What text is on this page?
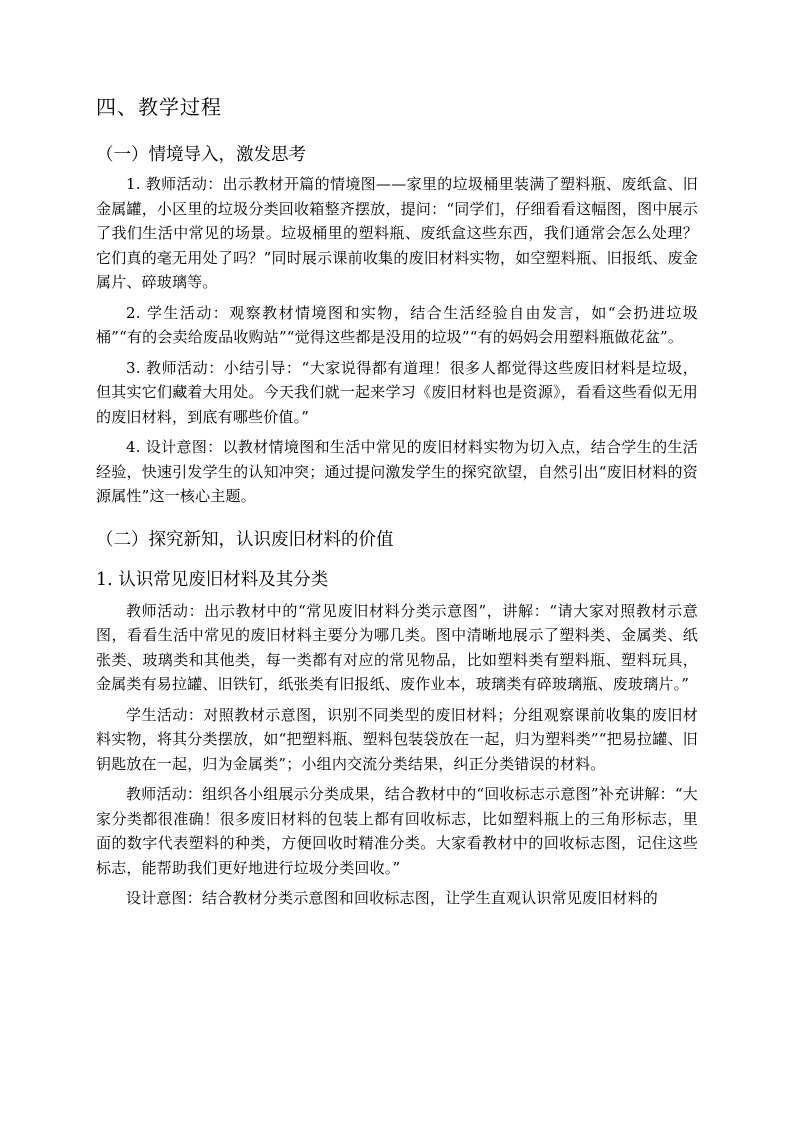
四、教学过程
（一）情境导入，激发思考

1. 教师活动：出示教材开篇的情境图——家里的垃圾桶里装满了塑料瓶、废纸盒、旧金属罐，小区里的垃圾分类回收箱整齐摆放，提问：“同学们，仔细看看这幅图，图中展示了我们生活中常见的场景。垃圾桶里的塑料瓶、废纸盒这些东西，我们通常会怎么处理？它们真的毫无用处了吗？”同时展示课前收集的废旧材料实物，如空塑料瓶、旧报纸、废金属片、碎玻璃等。

2. 学生活动：观察教材情境图和实物，结合生活经验自由发言，如“会扔进垃圾桶”“有的会卖给废品收购站”“觉得这些都是没用的垃圾”“有的妈妈会用塑料瓶做花盆”。

3. 教师活动：小结引导：“大家说得都有道理！很多人都觉得这些废旧材料是垃圾，但其实它们藏着大用处。今天我们就一起来学习《废旧材料也是资源》，看看这些看似无用的废旧材料，到底有哪些价值。”

4. 设计意图：以教材情境图和生活中常见的废旧材料实物为切入点，结合学生的生活经验，快速引发学生的认知冲突；通过提问激发学生的探究欲望，自然引出“废旧材料的资源属性”这一核心主题。

（二）探究新知，认识废旧材料的价值
1. 认识常见废旧材料及其分类

教师活动：出示教材中的“常见废旧材料分类示意图”，讲解：“请大家对照教材示意图，看看生活中常见的废旧材料主要分为哪几类。图中清晰地展示了塑料类、金属类、纸张类、玻璃类和其他类，每一类都有对应的常见物品，比如塑料类有塑料瓶、塑料玩具，金属类有易拉罐、旧铁钉，纸张类有旧报纸、废作业本，玻璃类有碎玻璃瓶、废玻璃片。”

学生活动：对照教材示意图，识别不同类型的废旧材料；分组观察课前收集的废旧材料实物，将其分类摆放，如“把塑料瓶、塑料包装袋放在一起，归为塑料类”“把易拉罐、旧钥匙放在一起，归为金属类”；小组内交流分类结果，纠正分类错误的材料。

教师活动：组织各小组展示分类成果，结合教材中的“回收标志示意图”补充讲解：“大家分类都很准确！很多废旧材料的包装上都有回收标志，比如塑料瓶上的三角形标志，里面的数字代表塑料的种类，方便回收时精准分类。大家看教材中的回收标志图，记住这些标志，能帮助我们更好地进行垃圾分类回收。”

设计意图：结合教材分类示意图和回收标志图，让学生直观认识常见废旧材料的
